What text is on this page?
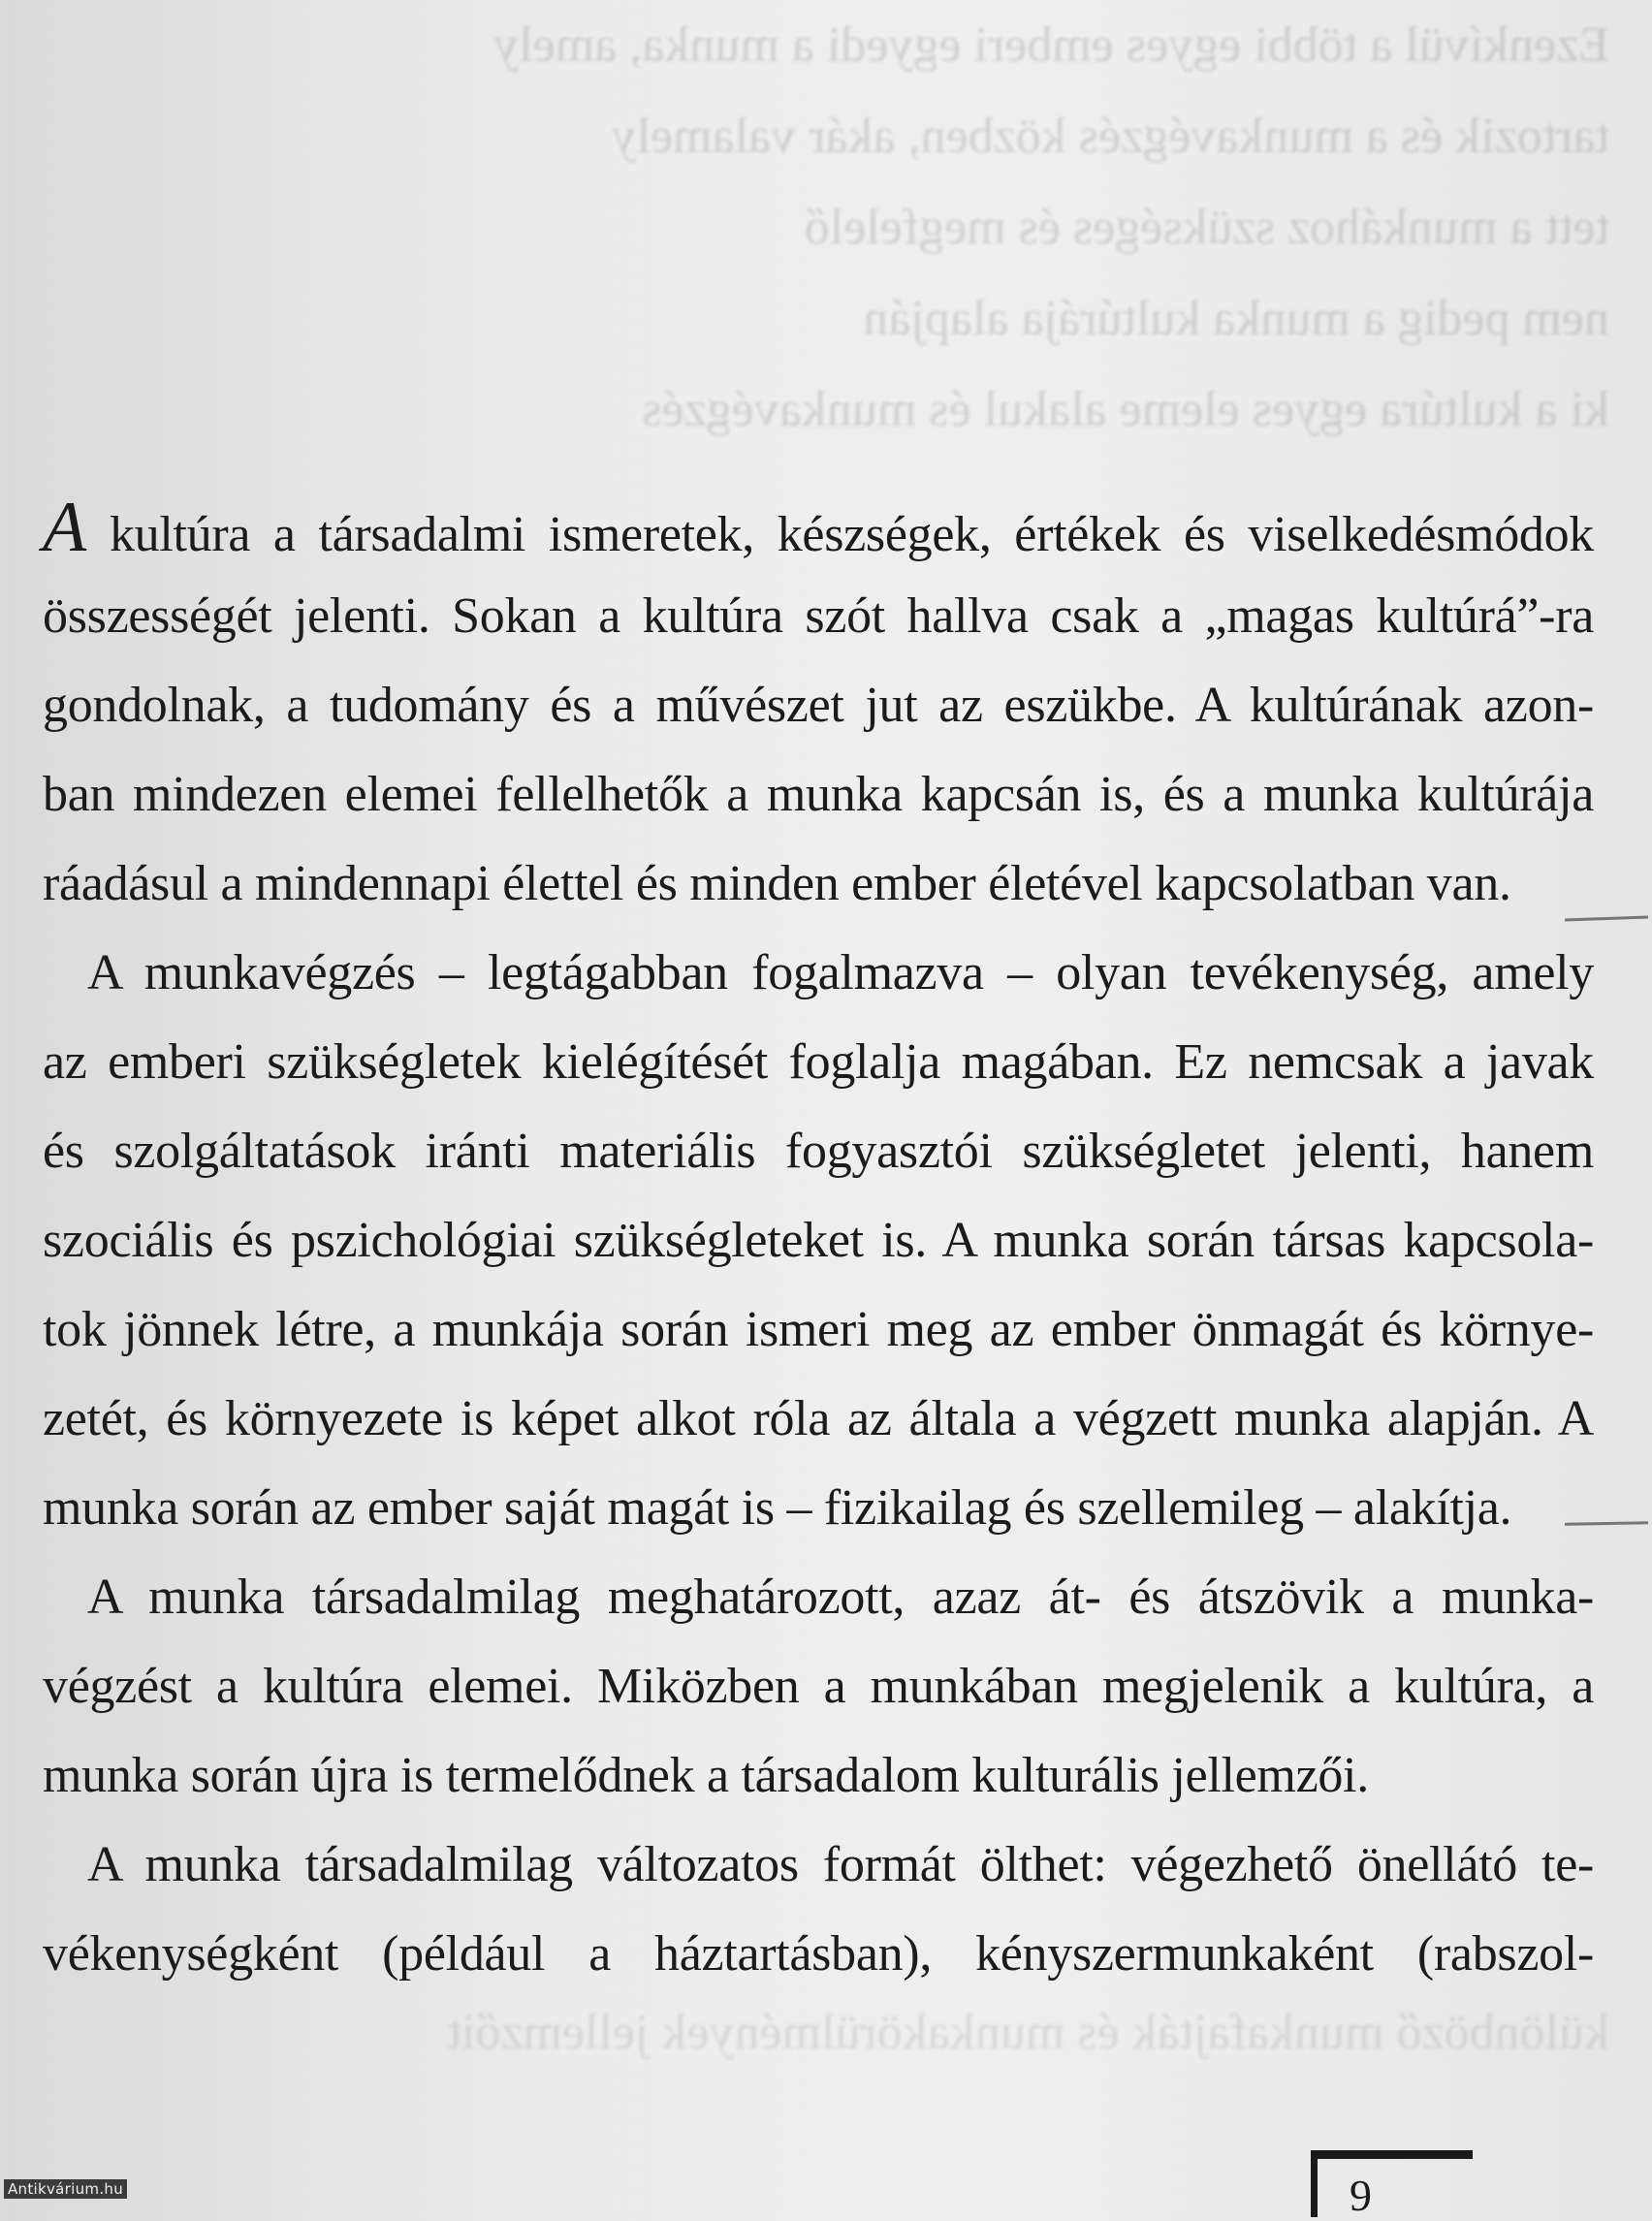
Ezenkívül a többi egyes emberi egyedi a munka, amely
tartozik és a munkavégzés közben, akár valamely
tett a munkához szükséges és megfelelő
nem pedig a munka kultúrája alapján
ki a kultúra egyes eleme alakul és munkavégzés
A kultúra a társadalmi ismeretek, készségek, értékek és viselkedésmódok
összességét jelenti. Sokan a kultúra szót hallva csak a „magas kultúrá”-ra
gondolnak, a tudomány és a művészet jut az eszükbe. A kultúrának azon-
ban mindezen elemei fellelhetők a munka kapcsán is, és a munka kultúrája
ráadásul a mindennapi élettel és minden ember életével kapcsolatban van.
A munkavégzés – legtágabban fogalmazva – olyan tevékenység, amely
az emberi szükségletek kielégítését foglalja magában. Ez nemcsak a javak
és szolgáltatások iránti materiális fogyasztói szükségletet jelenti, hanem
szociális és pszichológiai szükségleteket is. A munka során társas kapcsola-
tok jönnek létre, a munkája során ismeri meg az ember önmagát és környe-
zetét, és környezete is képet alkot róla az általa a végzett munka alapján. A
munka során az ember saját magát is – fizikailag és szellemileg – alakítja.
A munka társadalmilag meghatározott, azaz át- és átszövik a munka-
végzést a kultúra elemei. Miközben a munkában megjelenik a kultúra, a
munka során újra is termelődnek a társadalom kulturális jellemzői.
A munka társadalmilag változatos formát ölthet: végezhető önellátó te-
vékenységként (például a háztartásban), kényszermunkaként (rabszol-
különböző munkafajták és munkakörülmények jellemzőit
9
Antikvárium.hu
